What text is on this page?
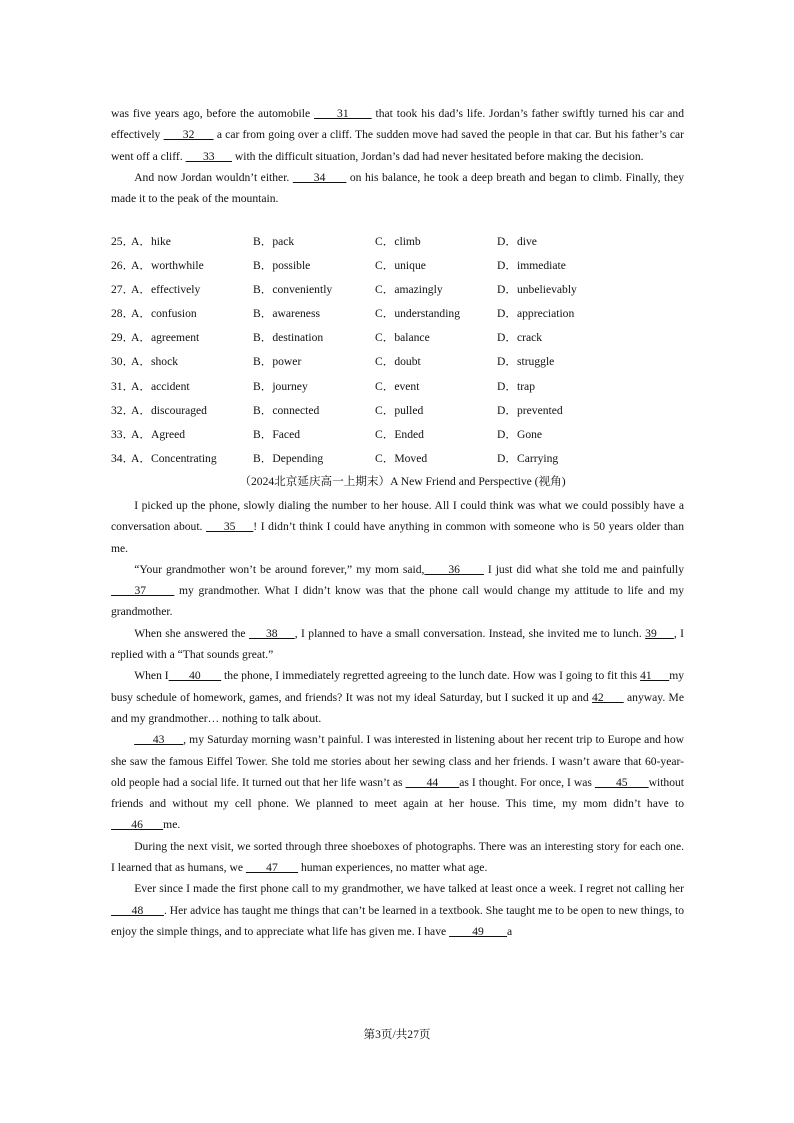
was five years ago, before the automobile       31       that took his dad’s life. Jordan’s father swiftly turned his car and effectively       32       a car from going over a cliff. The sudden move had saved the people in that car. But his father’s car went off a cliff.       33       with the difficult situation, Jordan’s dad had never hesitated before making the decision.

And now Jordan wouldn’t either.       34       on his balance, he took a deep breath and began to climb. Finally, they made it to the peak of the mountain.

25．
A．hike	B．pack	C．climb	D．dive
26．
A．worthwhile	B．possible	C．unique	D．immediate
27．
A．effectively	B．conveniently	C．amazingly	D．unbelievably
28．
A．confusion	B．awareness	C．understanding	D．appreciation
29．
A．agreement	B．destination	C．balance	D．crack
30．
A．shock	B．power	C．doubt	D．struggle
31．
A．accident	B．journey	C．event	D．trap
32．
A．discouraged	B．connected	C．pulled	D．prevented
33．
A．Agreed	B．Faced	C．Ended	D．Gone
34．
A．Concentrating	B．Depending	C．Moved	D．Carrying

（2024北京延庆高一上期末）A New Friend and Perspective (视角)

I picked up the phone, slowly dialing the number to her house. All I could think was what we could possibly have a conversation about.      35     ! I didn’t think I could have anything in common with someone who is 50 years older than me.

“Your grandmother won’t be around forever,” my mom said,      36       I just did what she told me and painfully      37       my grandmother. What I didn’t know was that the phone call would change my attitude to life and my grandmother.

When she answered the      38     , I planned to have a small conversation. Instead, she invited me to lunch. 39     , I replied with a “That sounds great.”

When I       40        the phone, I immediately regretted agreeing to the lunch date. How was I going to fit this 41      my busy schedule of homework, games, and friends? It was not my ideal Saturday, but I sucked it up and 42       anyway. Me and my grandmother… nothing to talk about.

43      , my Saturday morning wasn’t painful. I was interested in listening about her recent trip to Europe and how she saw the famous Eiffel Tower. She told me stories about her sewing class and her friends. I wasn’t aware that 60-year-old people had a social life. It turned out that her life wasn’t as        44       as I thought. For once, I was        45       without friends and without my cell phone. We planned to meet again at her house. This time, my mom didn’t have to        46       me.

During the next visit, we sorted through three shoeboxes of photographs. There was an interesting story for each one. I learned that as humans, we        47        human experiences, no matter what age.

Ever since I made the first phone call to my grandmother, we have talked at least once a week. I regret not calling her        48       . Her advice has taught me things that can’t be learned in a textbook. She taught me to be open to new things, to enjoy the simple things, and to appreciate what life has given me. I have         49        a

第3页/共27页
